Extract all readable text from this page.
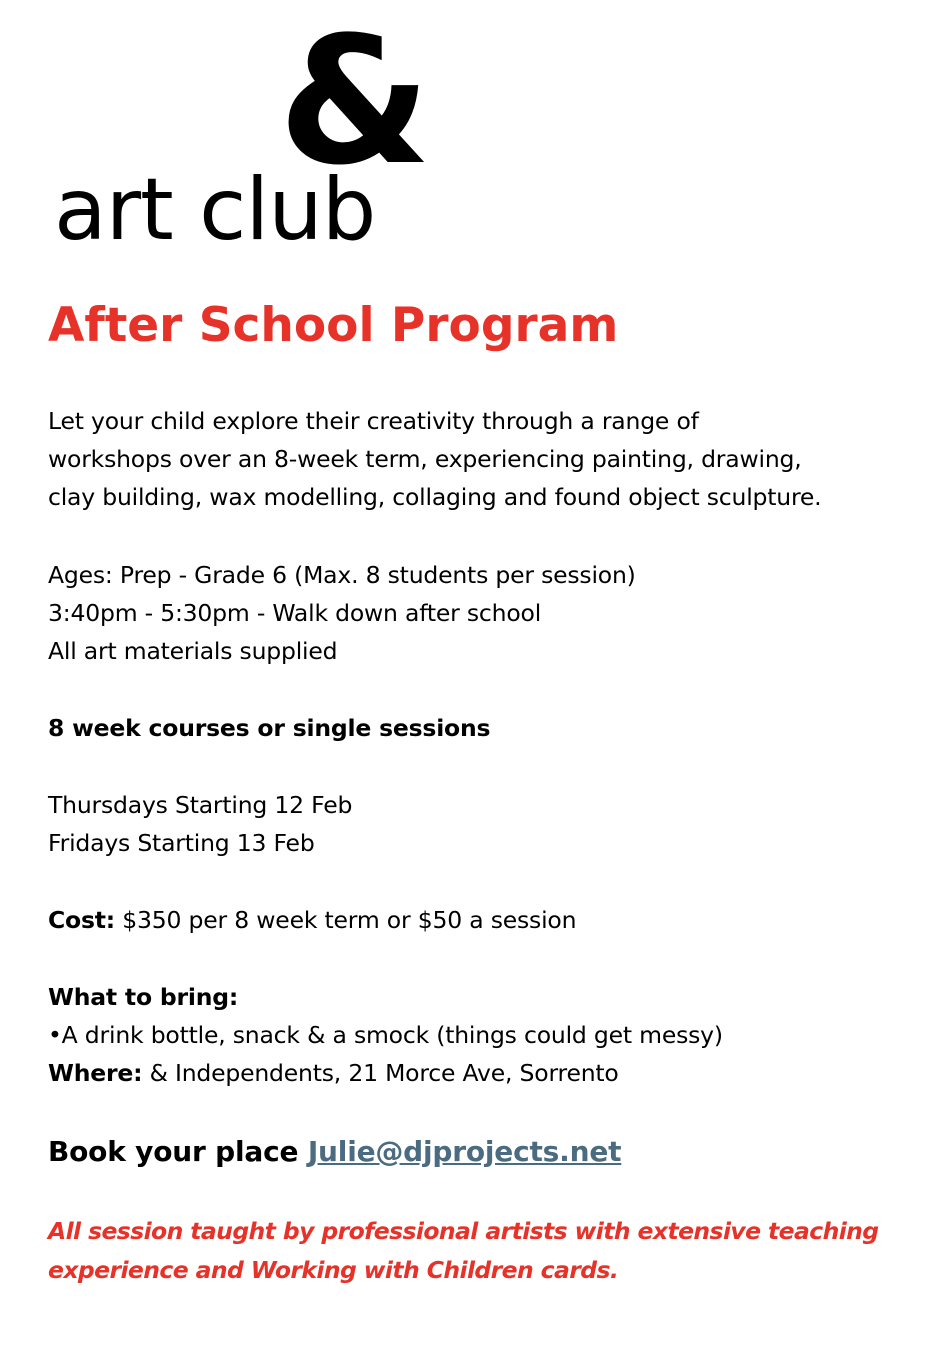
&
art club
After School Program

Let your child explore their creativity through a range of

workshops over an 8-week term, experiencing painting, drawing,

clay building, wax modelling, collaging and found object sculpture.

Ages: Prep - Grade 6 (Max. 8 students per session)

3:40pm - 5:30pm - Walk down after school

All art materials supplied

8 week courses or single sessions

Thursdays Starting 12 Feb

Fridays Starting 13 Feb

Cost: $350 per 8 week term or $50 a session

What to bring:

•A drink bottle, snack & a smock (things could get messy)

Where: & Independents, 21 Morce Ave, Sorrento

Book your place Julie@djprojects.net

All session taught by professional artists with extensive teaching

experience and Working with Children cards.
